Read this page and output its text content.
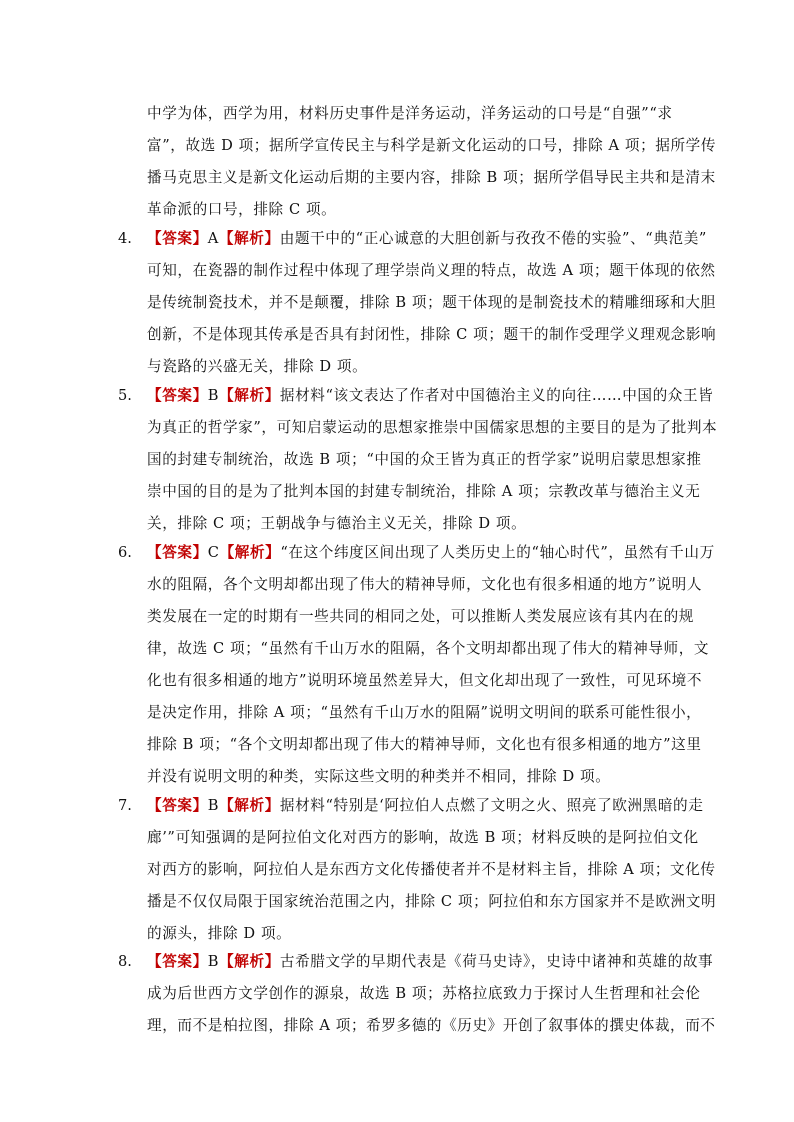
中学为体，西学为用，材料历史事件是洋务运动，洋务运动的口号是“自强”“求
富”，故选 D 项；据所学宣传民主与科学是新文化运动的口号，排除 A 项；据所学传
播马克思主义是新文化运动后期的主要内容，排除 B 项；据所学倡导民主共和是清末
革命派的口号，排除 C 项。
4. 【答案】A【解析】由题干中的“正心诚意的大胆创新与孜孜不倦的实验”、“典范美”
可知，在瓷器的制作过程中体现了理学崇尚义理的特点，故选 A 项；题干体现的依然
是传统制瓷技术，并不是颠覆，排除 B 项；题干体现的是制瓷技术的精雕细琢和大胆
创新，不是体现其传承是否具有封闭性，排除 C 项；题干的制作受理学义理观念影响
与瓷路的兴盛无关，排除 D 项。
5. 【答案】B【解析】据材料“该文表达了作者对中国德治主义的向往……中国的众王皆
为真正的哲学家”，可知启蒙运动的思想家推崇中国儒家思想的主要目的是为了批判本
国的封建专制统治，故选 B 项；“中国的众王皆为真正的哲学家”说明启蒙思想家推
崇中国的目的是为了批判本国的封建专制统治，排除 A 项；宗教改革与德治主义无
关，排除 C 项；王朝战争与德治主义无关，排除 D 项。
6. 【答案】C【解析】“在这个纬度区间出现了人类历史上的“轴心时代”，虽然有千山万
水的阻隔，各个文明却都出现了伟大的精神导师，文化也有很多相通的地方”说明人
类发展在一定的时期有一些共同的相同之处，可以推断人类发展应该有其内在的规
律，故选 C 项；“虽然有千山万水的阻隔，各个文明却都出现了伟大的精神导师，文
化也有很多相通的地方”说明环境虽然差异大，但文化却出现了一致性，可见环境不
是决定作用，排除 A 项；“虽然有千山万水的阻隔”说明文明间的联系可能性很小，
排除 B 项；“各个文明却都出现了伟大的精神导师，文化也有很多相通的地方”这里
并没有说明文明的种类，实际这些文明的种类并不相同，排除 D 项。
7. 【答案】B【解析】据材料“特别是‘阿拉伯人点燃了文明之火、照亮了欧洲黑暗的走
廊’”可知强调的是阿拉伯文化对西方的影响，故选 B 项；材料反映的是阿拉伯文化
对西方的影响，阿拉伯人是东西方文化传播使者并不是材料主旨，排除 A 项；文化传
播是不仅仅局限于国家统治范围之内，排除 C 项；阿拉伯和东方国家并不是欧洲文明
的源头，排除 D 项。
8. 【答案】B【解析】古希腊文学的早期代表是《荷马史诗》，史诗中诸神和英雄的故事
成为后世西方文学创作的源泉，故选 B 项；苏格拉底致力于探讨人生哲理和社会伦
理，而不是柏拉图，排除 A 项；希罗多德的《历史》开创了叙事体的撰史体裁，而不
